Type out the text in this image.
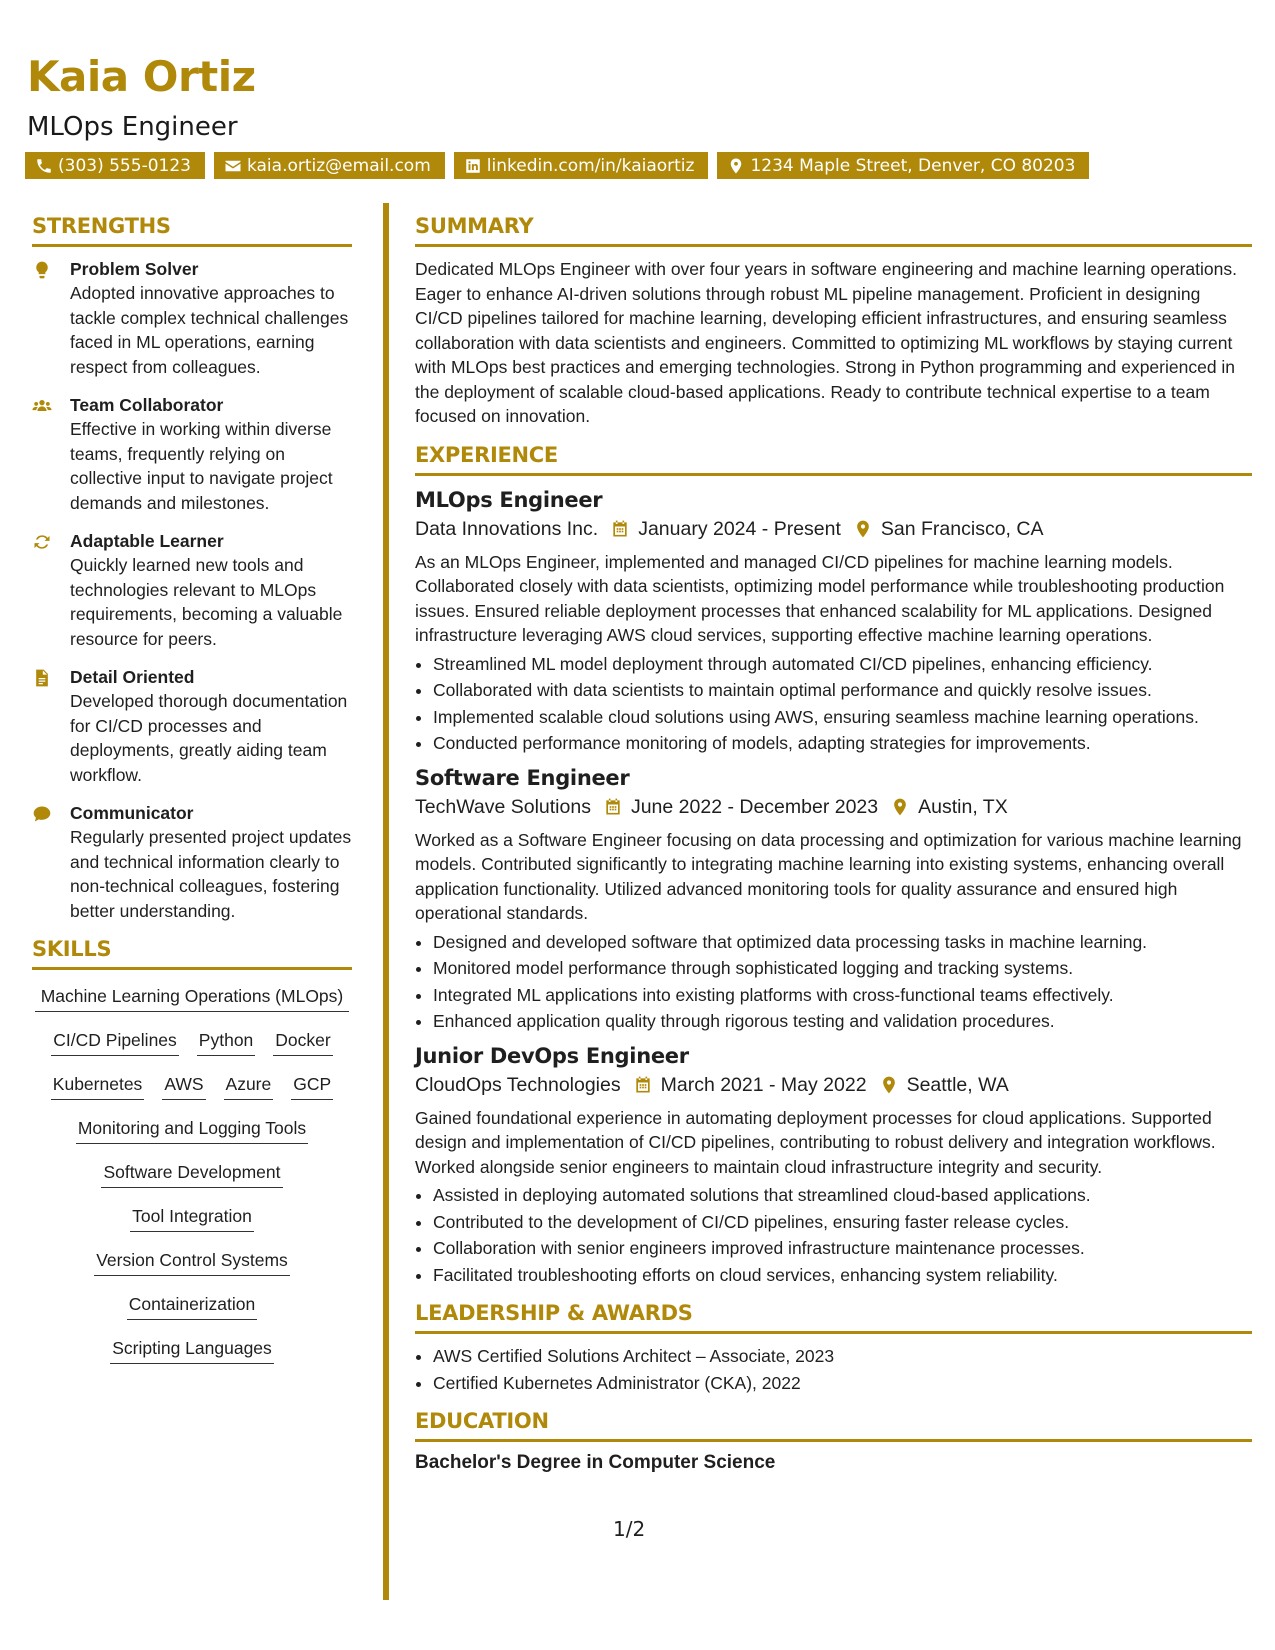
Kaia Ortiz
MLOps Engineer
(303) 555-0123	kaia.ortiz@email.com	linkedin.com/in/kaiaortiz	1234 Maple Street, Denver, CO 80203
STRENGTHS
Problem Solver
Adopted innovative approaches to tackle complex technical challenges faced in ML operations, earning respect from colleagues.
Team Collaborator
Effective in working within diverse teams, frequently relying on collective input to navigate project demands and milestones.
Adaptable Learner
Quickly learned new tools and technologies relevant to MLOps requirements, becoming a valuable resource for peers.
Detail Oriented
Developed thorough documentation for CI/CD processes and deployments, greatly aiding team workflow.
Communicator
Regularly presented project updates and technical information clearly to non-technical colleagues, fostering better understanding.
SKILLS
Machine Learning Operations (MLOps)
CI/CD Pipelines Python Docker
Kubernetes AWS Azure GCP
Monitoring and Logging Tools
Software Development
Tool Integration
Version Control Systems
Containerization
Scripting Languages
SUMMARY

Dedicated MLOps Engineer with over four years in software engineering and machine learning operations. Eager to enhance AI-driven solutions through robust ML pipeline management. Proficient in designing CI/CD pipelines tailored for machine learning, developing efficient infrastructures, and ensuring seamless collaboration with data scientists and engineers. Committed to optimizing ML workflows by staying current with MLOps best practices and emerging technologies. Strong in Python programming and experienced in the deployment of scalable cloud-based applications. Ready to contribute technical expertise to a team focused on innovation.

EXPERIENCE
MLOps Engineer
Data Innovations Inc. January 2024 - Present San Francisco, CA

As an MLOps Engineer, implemented and managed CI/CD pipelines for machine learning models. Collaborated closely with data scientists, optimizing model performance while troubleshooting production issues. Ensured reliable deployment processes that enhanced scalability for ML applications. Designed infrastructure leveraging AWS cloud services, supporting effective machine learning operations.

• Streamlined ML model deployment through automated CI/CD pipelines, enhancing efficiency.
• Collaborated with data scientists to maintain optimal performance and quickly resolve issues.
• Implemented scalable cloud solutions using AWS, ensuring seamless machine learning operations.
• Conducted performance monitoring of models, adapting strategies for improvements.
Software Engineer
TechWave Solutions June 2022 - December 2023 Austin, TX

Worked as a Software Engineer focusing on data processing and optimization for various machine learning models. Contributed significantly to integrating machine learning into existing systems, enhancing overall application functionality. Utilized advanced monitoring tools for quality assurance and ensured high operational standards.

• Designed and developed software that optimized data processing tasks in machine learning.
• Monitored model performance through sophisticated logging and tracking systems.
• Integrated ML applications into existing platforms with cross-functional teams effectively.
• Enhanced application quality through rigorous testing and validation procedures.
Junior DevOps Engineer
CloudOps Technologies March 2021 - May 2022 Seattle, WA

Gained foundational experience in automating deployment processes for cloud applications. Supported design and implementation of CI/CD pipelines, contributing to robust delivery and integration workflows. Worked alongside senior engineers to maintain cloud infrastructure integrity and security.

• Assisted in deploying automated solutions that streamlined cloud-based applications.
• Contributed to the development of CI/CD pipelines, ensuring faster release cycles.
• Collaboration with senior engineers improved infrastructure maintenance processes.
• Facilitated troubleshooting efforts on cloud services, enhancing system reliability.
LEADERSHIP & AWARDS
• AWS Certified Solutions Architect – Associate, 2023
• Certified Kubernetes Administrator (CKA), 2022
EDUCATION
Bachelor's Degree in Computer Science
1/2
